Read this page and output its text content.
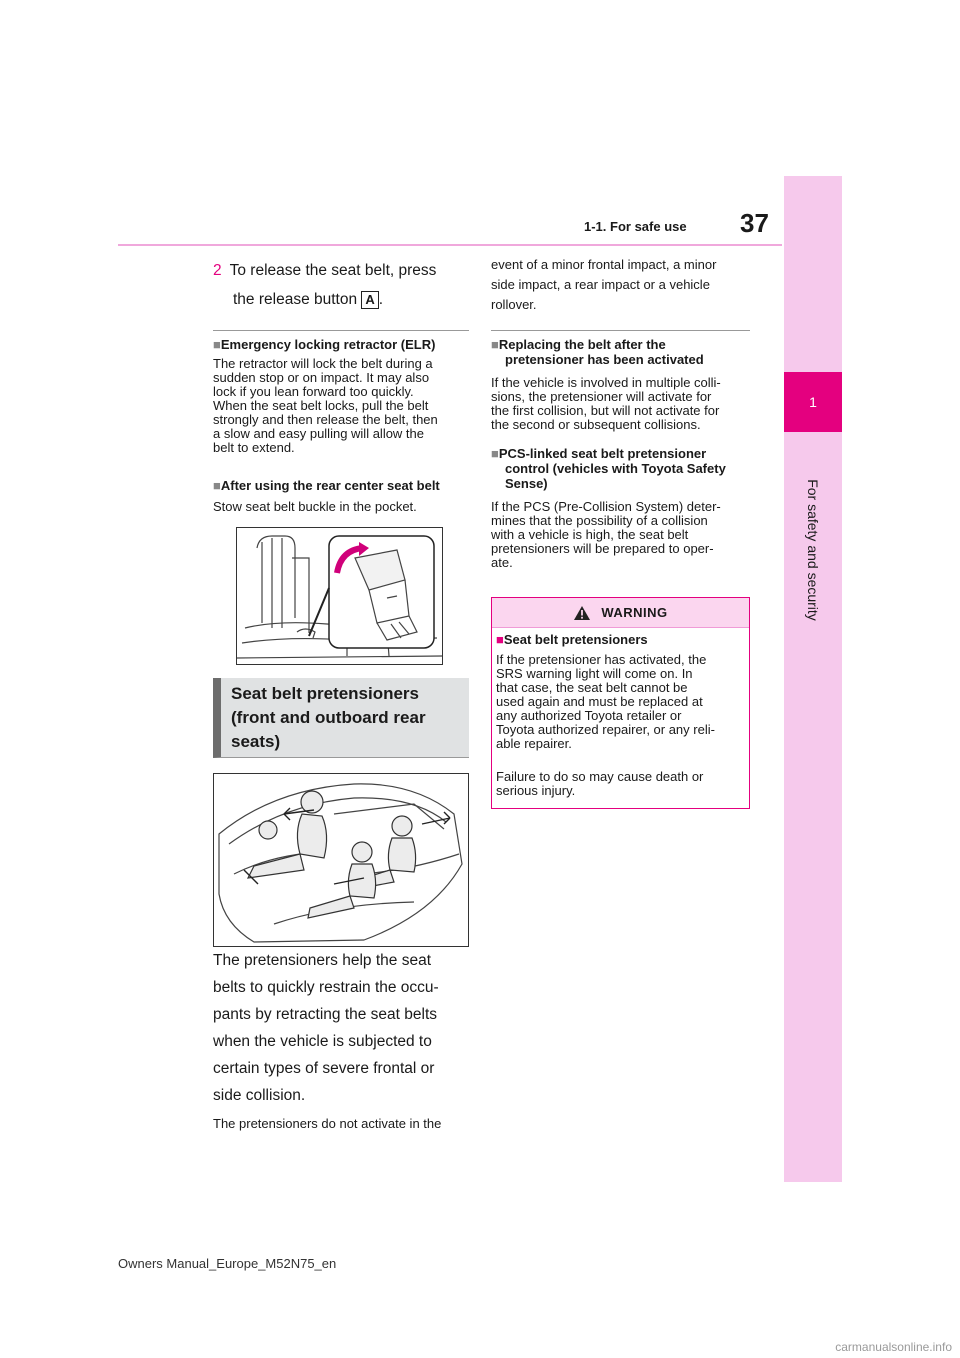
1
For safety and security
37
1-1. For safe use
2 To release the seat belt, press
the release button A .
■Emergency locking retractor (ELR)
The retractor will lock the belt during a
sudden stop or on impact. It may also
lock if you lean forward too quickly.
When the seat belt locks, pull the belt
strongly and then release the belt, then
a slow and easy pulling will allow the
belt to extend.
■After using the rear center seat belt
Stow seat belt buckle in the pocket.
Seat belt pretensioners
(front and outboard rear
seats)
The pretensioners help the seat
belts to quickly restrain the occu-
pants by retracting the seat belts
when the vehicle is subjected to
certain types of severe frontal or
side collision.
The pretensioners do not activate in the
event of a minor frontal impact, a minor
side impact, a rear impact or a vehicle
rollover.
■Replacing the belt after the
pretensioner has been activated
If the vehicle is involved in multiple colli-
sions, the pretensioner will activate for
the first collision, but will not activate for
the second or subsequent collisions.
■PCS-linked seat belt pretensioner
control (vehicles with Toyota Safety
Sense)
If the PCS (Pre-Collision System) deter-
mines that the possibility of a collision
with a vehicle is high, the seat belt
pretensioners will be prepared to oper-
ate.
WARNING
■Seat belt pretensioners
If the pretensioner has activated, the
SRS warning light will come on. In
that case, the seat belt cannot be
used again and must be replaced at
any authorized Toyota retailer or
Toyota authorized repairer, or any reli-
able repairer.
Failure to do so may cause death or
serious injury.
Owners Manual_Europe_M52N75_en
carmanualsonline.info
